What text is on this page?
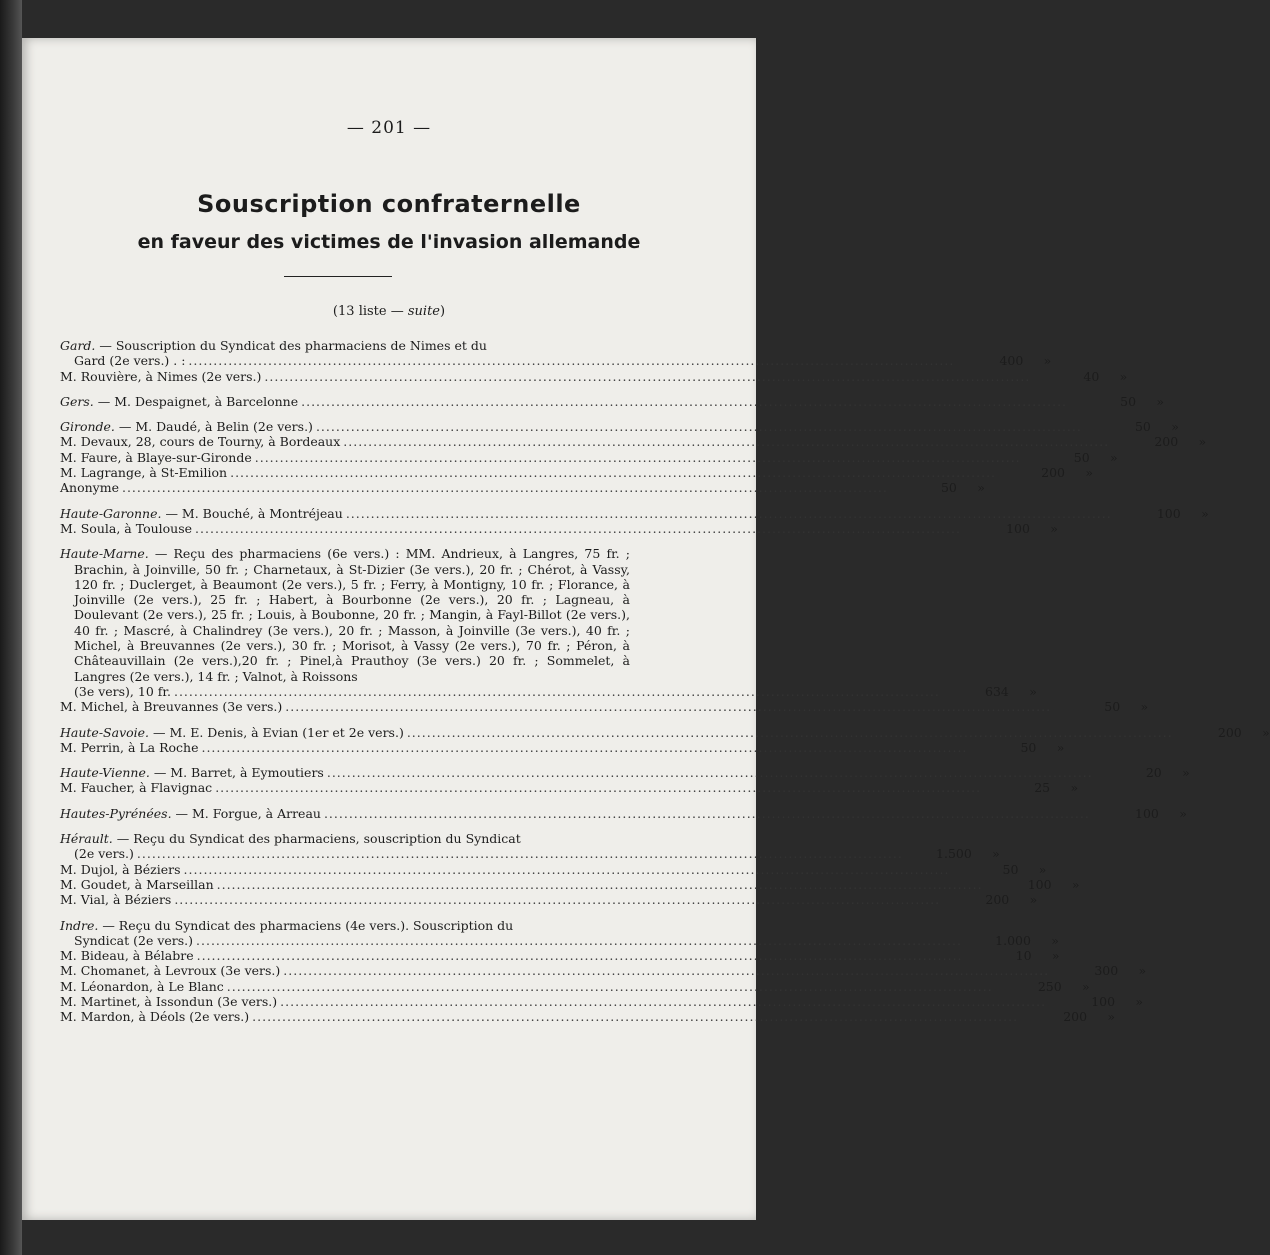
— 201 —
Souscription confraternelle
en faveur des victimes de l'invasion allemande
(13 liste — suite)
Gard. — Souscription du Syndicat des pharmaciens de Nimes et du
Gard (2e vers.) . : ..........................................................................................................................................................	400 »
M. Rouvière, à Nimes (2e vers.) ..........................................................................................................................................................	40 »
Gers. — M. Despaignet, à Barcelonne ..........................................................................................................................................................	50 »
Gironde. — M. Daudé, à Belin (2e vers.) ..........................................................................................................................................................	50 »
M. Devaux, 28, cours de Tourny, à Bordeaux ..........................................................................................................................................................	200 »
M. Faure, à Blaye-sur-Gironde ..........................................................................................................................................................	50 »
M. Lagrange, à St-Emilion ..........................................................................................................................................................	200 »
Anonyme ..........................................................................................................................................................	50 »
Haute-Garonne. — M. Bouché, à Montréjeau ..........................................................................................................................................................	100 »
M. Soula, à Toulouse ..........................................................................................................................................................	100 »

Haute-Marne. — Reçu des pharmaciens (6e vers.) : MM. Andrieux, à Langres, 75 fr. ; Brachin, à Joinville, 50 fr. ; Charnetaux, à St-Dizier (3e vers.), 20 fr. ; Chérot, à Vassy, 120 fr. ; Duclerget, à Beaumont (2e vers.), 5 fr. ; Ferry, à Montigny, 10 fr. ; Florance, à Joinville (2e vers.), 25 fr. ; Habert, à Bourbonne (2e vers.), 20 fr. ; Lagneau, à Doulevant (2e vers.), 25 fr. ; Louis, à Boubonne, 20 fr. ; Mangin, à Fayl-Billot (2e vers.), 40 fr. ; Mascré, à Chalindrey (3e vers.), 20 fr. ; Masson, à Joinville (3e vers.), 40 fr. ; Michel, à Breuvannes (2e vers.), 30 fr. ; Morisot, à Vassy (2e vers.), 70 fr. ; Péron, à Châteauvillain (2e vers.),20 fr. ; Pinel,à Prauthoy (3e vers.) 20 fr. ; Sommelet, à Langres (2e vers.), 14 fr. ; Valnot, à Roissons

(3e vers), 10 fr. ..........................................................................................................................................................	634 »
M. Michel, à Breuvannes (3e vers.) ..........................................................................................................................................................	50 »
Haute-Savoie. — M. E. Denis, à Evian (1er et 2e vers.) ..........................................................................................................................................................	200 »
M. Perrin, à La Roche ..........................................................................................................................................................	50 »
Haute-Vienne. — M. Barret, à Eymoutiers ..........................................................................................................................................................	20 »
M. Faucher, à Flavignac ..........................................................................................................................................................	25 »
Hautes-Pyrénées. — M. Forgue, à Arreau ..........................................................................................................................................................	100 »
Hérault. — Reçu du Syndicat des pharmaciens, souscription du Syndicat
(2e vers.) ..........................................................................................................................................................	1.500 »
M. Dujol, à Béziers ..........................................................................................................................................................	50 »
M. Goudet, à Marseillan ..........................................................................................................................................................	100 »
M. Vial, à Béziers ..........................................................................................................................................................	200 »
Indre. — Reçu du Syndicat des pharmaciens (4e vers.). Souscription du
Syndicat (2e vers.) ..........................................................................................................................................................	1.000 »
M. Bideau, à Bélabre ..........................................................................................................................................................	10 »
M. Chomanet, à Levroux (3e vers.) ..........................................................................................................................................................	300 »
M. Léonardon, à Le Blanc ..........................................................................................................................................................	250 »
M. Martinet, à Issondun (3e vers.) ..........................................................................................................................................................	100 »
M. Mardon, à Déols (2e vers.) ..........................................................................................................................................................	200 »
